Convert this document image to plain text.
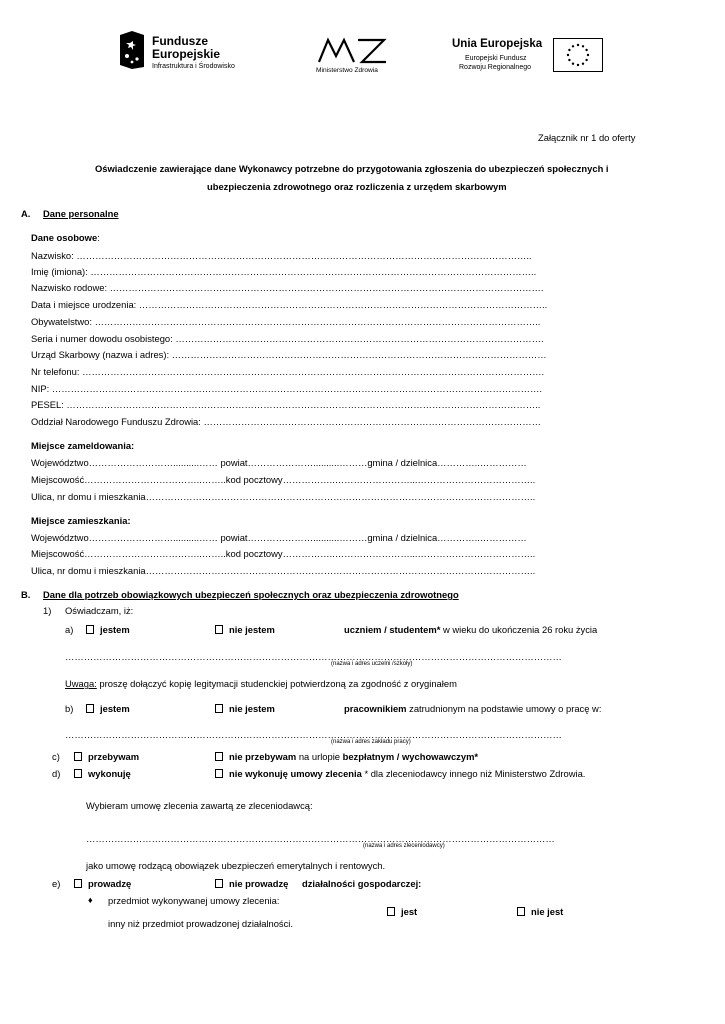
Fundusze
Europejskie
Infrastruktura i Środowisko
Ministerstwo Zdrowia
Unia Europejska
Europejski Fundusz
Rozwoju Regionalnego
Załącznik nr 1 do oferty
Oświadczenie zawierające dane Wykonawcy potrzebne do przygotowania zgłoszenia do ubezpieczeń społecznych i
ubezpieczenia zdrowotnego oraz rozliczenia z urzędem skarbowym
A. Dane personalne
Dane osobowe:
Nazwisko: ………………………………………………………………………………………………………………………………..
Imię (imiona): ……………………………………………………………………………………………………………………………..
Nazwisko rodowe: ………………………………………………………………………………………………………………………….
Data i miejsce urodzenia: …………………………………………………………………………………………………………………..
Obywatelstwo: ……………………………………………………………………………………………………………………………..
Seria i numer dowodu osobistego: ……………………………………………………………………………………………………….
Urząd Skarbowy (nazwa i adres): …………………………………………………………………………………………………………
Nr telefonu: ………………………………………………………………………………………………………………………………….
NIP: ………………………………………………………………………………………………………………………………………….
PESEL: ……………………………………………………………………………………………………………………………………..
Oddział Narodowego Funduszu Zdrowia: ………………………………………………………………………………………………
Miejsce zameldowania:
Województwo………………………..........…… powiat…………………..........………gmina / dzielnica…………..……………
Miejscowość………………………………..……..kod pocztowy……………..……………………...………………………………..
Ulica, nr domu i mieszkania……………………………………………………………………………………………………………..
Miejsce zamieszkania:
Województwo………………………..........…… powiat…………………..........………gmina / dzielnica…………..……………
Miejscowość………………………………..……..kod pocztowy……………..……………………...………………………………..
Ulica, nr domu i mieszkania……………………………………………………………………………………………………………..
B. Dane dla potrzeb obowiązkowych ubezpieczeń społecznych oraz ubezpieczenia zdrowotnego
1) Oświadczam, iż:
a)	jestem	nie jestem	uczniem / studentem* w wieku do ukończenia 26 roku życia
……………………………………………………………………………………………………………………………………………
(nazwa i adres uczelni /szkoły)
Uwaga: proszę dołączyć kopię legitymacji studenckiej potwierdzoną za zgodność z oryginałem
b)	jestem	nie jestem	pracownikiem zatrudnionym na podstawie umowy o pracę w:
……………………………………………………………………………………………………………………………………………
(nazwa i adres zakładu pracy)
c)	przebywam	nie przebywam na urlopie bezpłatnym / wychowawczym*
d)	wykonuję	nie wykonuję umowy zlecenia * dla zleceniodawcy innego niż Ministerstwo Zdrowia.
Wybieram umowę zlecenia zawartą ze zleceniodawcą:
……………………………………………………………………………………………………………………………………
(nazwa i adres zleceniodawcy)
jako umowę rodzącą obowiązek ubezpieczeń emerytalnych i rentowych.
e)	prowadzę	nie prowadzę działalności gospodarczej:
♦ przedmiot wykonywanej umowy zlecenia:
jest	nie jest
inny niż przedmiot prowadzonej działalności.
